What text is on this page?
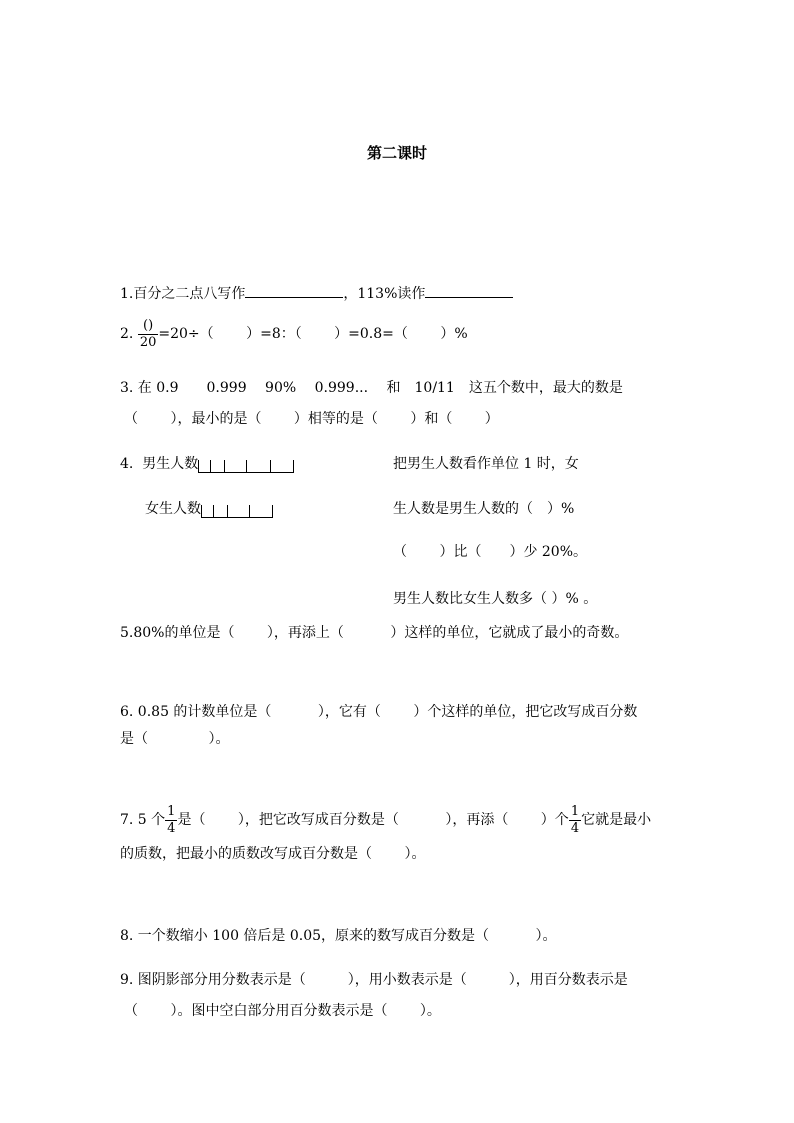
第二课时
1.百分之二点八写作	，113%读作
2. $\frac{()}{20} =20\div$（　　 ）=8：（　　 ）=0.8=（　　 ）%
3. 在 0.9　　0.999　 90%　 0.999...　 和　10/11　这五个数中，最大的数是
（　　 ），最小的是（　　 ）相等的是（　　 ）和（　　 ）
4. 男生人数
女生人数
把男生人数看作单位 1 时，女
生人数是男生人数的（　）%
（　　 ）比（　　）少 20%。
男生人数比女生人数多（ ）% 。
5.80%的单位是（　　 ），再添上（　　　 ）这样的单位，它就成了最小的奇数。
6. 0.85 的计数单位是（　　　 ），它有（　　 ）个这样的单位，把它改写成百分数
是（　　　　 ）。
7. 5 个 $\frac{1}{4}$ 是（　　 ），把它改写成百分数是（　　　 ），再添（　　 ）个 $\frac{1}{4}$ 它就是最小
的质数，把最小的质数改写成百分数是（　　 ）。
8. 一个数缩小 100 倍后是 0.05，原来的数写成百分数是（　　　 ）。
9. 图阴影部分用分数表示是（　　　），用小数表示是（　　　），用百分数表示是
（　　 ）。图中空白部分用百分数表示是（　　 ）。
